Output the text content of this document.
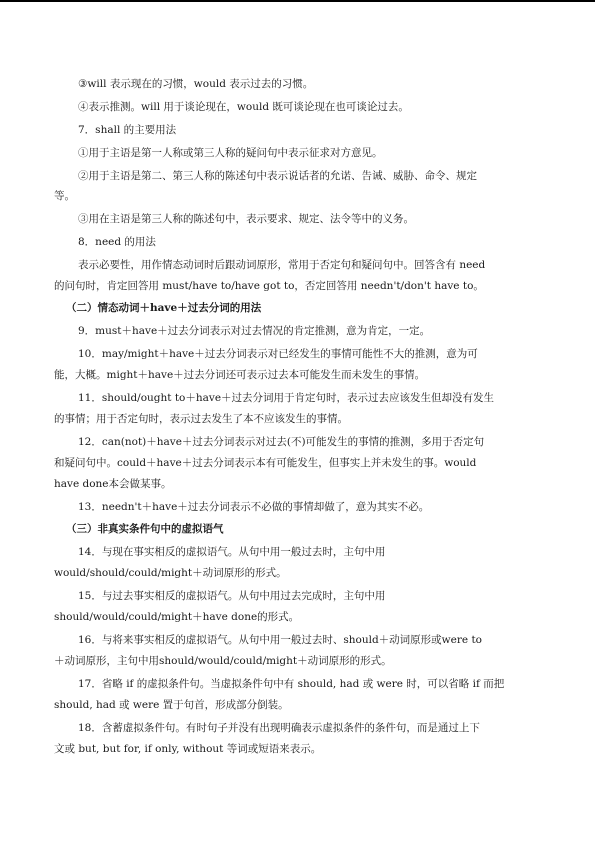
③will 表示现在的习惯，would 表示过去的习惯。
④表示推测。will 用于谈论现在，would 既可谈论现在也可谈论过去。
7．shall 的主要用法
①用于主语是第一人称或第三人称的疑问句中表示征求对方意见。
②用于主语是第二、第三人称的陈述句中表示说话者的允诺、告诫、威胁、命令、规定
等。
③用在主语是第三人称的陈述句中，表示要求、规定、法令等中的义务。
8．need 的用法
表示必要性，用作情态动词时后跟动词原形，常用于否定句和疑问句中。回答含有 need
的问句时，肯定回答用 must/have to/have got to，否定回答用 needn't/don't have to。
（二）情态动词＋have＋过去分词的用法
9．must＋have＋过去分词表示对过去情况的肯定推测，意为肯定，一定。
10．may/might＋have＋过去分词表示对已经发生的事情可能性不大的推测，意为可
能，大概。might＋have＋过去分词还可表示过去本可能发生而未发生的事情。
11．should/ought to＋have＋过去分词用于肯定句时，表示过去应该发生但却没有发生
的事情；用于否定句时，表示过去发生了本不应该发生的事情。
12．can(not)＋have＋过去分词表示对过去(不)可能发生的事情的推测，多用于否定句
和疑问句中。could＋have＋过去分词表示本有可能发生，但事实上并未发生的事。would
have done本会做某事。
13．needn't＋have＋过去分词表示不必做的事情却做了，意为其实不必。
（三）非真实条件句中的虚拟语气
14．与现在事实相反的虚拟语气。从句中用一般过去时，主句中用
would/should/could/might＋动词原形的形式。
15．与过去事实相反的虚拟语气。从句中用过去完成时，主句中用
should/would/could/might＋have done的形式。
16．与将来事实相反的虚拟语气。从句中用一般过去时、should＋动词原形或were to
＋动词原形，主句中用should/would/could/might＋动词原形的形式。
17．省略 if 的虚拟条件句。当虚拟条件句中有 should, had 或 were 时，可以省略 if 而把
should, had 或 were 置于句首，形成部分倒装。
18．含蓄虚拟条件句。有时句子并没有出现明确表示虚拟条件的条件句，而是通过上下
文或 but, but for, if only, without 等词或短语来表示。
